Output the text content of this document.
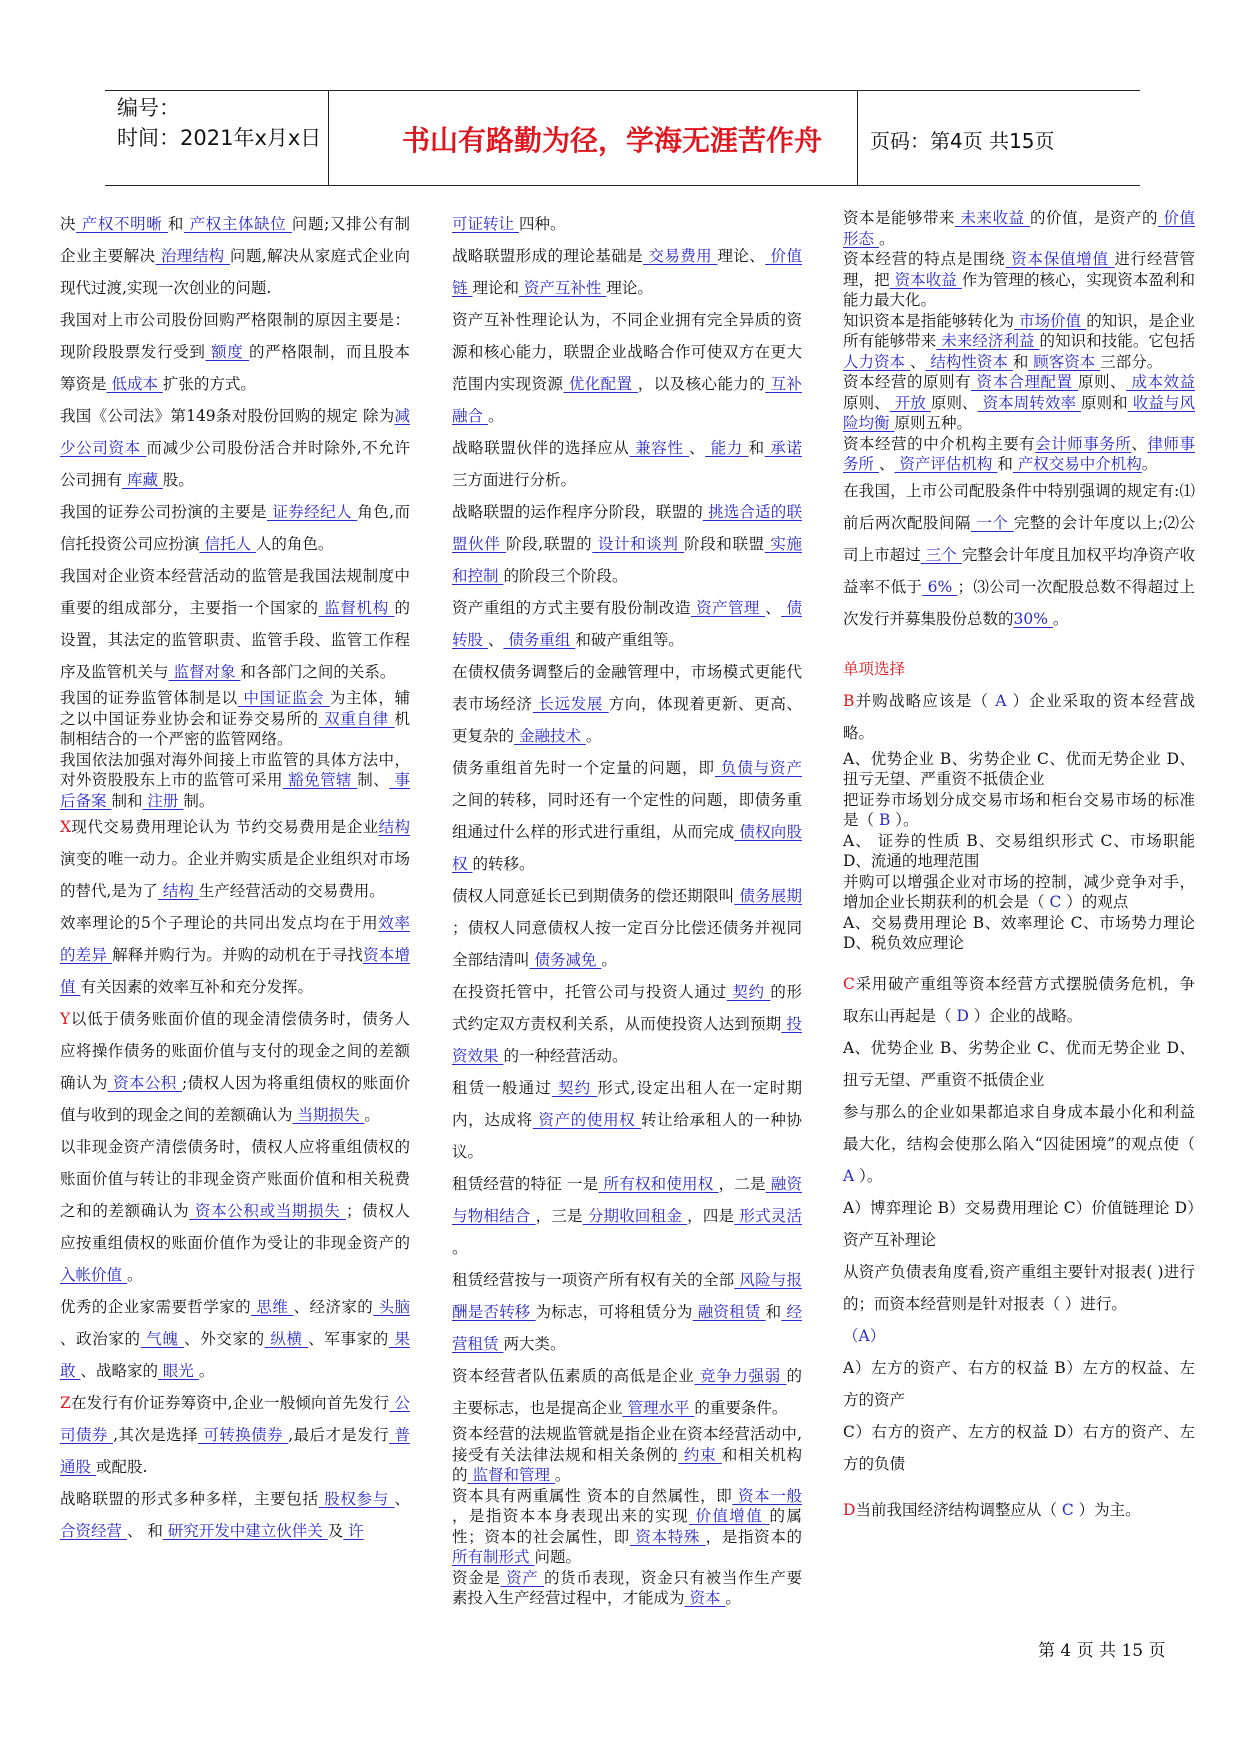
编号：
时间：2021年x月x日	书山有路勤为径，学海无涯苦作舟	页码：第4页 共15页

决 产权不明晰 和 产权主体缺位 问题;又排公有制企业主要解决 治理结构 问题,解决从家庭式企业向现代过渡,实现一次创业的问题.

我国对上市公司股份回购严格限制的原因主要是：现阶段股票发行受到 额度 的严格限制，而且股本筹资是 低成本 扩张的方式。

我国《公司法》第149条对股份回购的规定 除为减少公司资本 而减少公司股份活合并时除外,不允许公司拥有 库藏 股。

我国的证券公司扮演的主要是 证券经纪人 角色,而信托投资公司应扮演 信托人 人的角色。

我国对企业资本经营活动的监管是我国法规制度中重要的组成部分，主要指一个国家的 监督机构 的设置，其法定的监管职责、监管手段、监管工作程序及监管机关与 监督对象 和各部门之间的关系。

我国的证券监管体制是以 中国证监会 为主体，辅之以中国证券业协会和证券交易所的 双重自律 机制相结合的一个严密的监管网络。

我国依法加强对海外间接上市监管的具体方法中，对外资股股东上市的监管可采用 豁免管辖 制、 事后备案 制和 注册 制。

X现代交易费用理论认为 节约交易费用是企业结构 演变的唯一动力。企业并购实质是企业组织对市场的替代,是为了 结构 生产经营活动的交易费用。

效率理论的5个子理论的共同出发点均在于用效率的差异 解释并购行为。并购的动机在于寻找资本增值 有关因素的效率互补和充分发挥。

Y以低于债务账面价值的现金清偿债务时，债务人应将操作债务的账面价值与支付的现金之间的差额确认为 资本公积 ;债权人因为将重组债权的账面价值与收到的现金之间的差额确认为 当期损失 。

以非现金资产清偿债务时，债权人应将重组债权的账面价值与转让的非现金资产账面价值和相关税费之和的差额确认为 资本公积或当期损失 ；债权人应按重组债权的账面价值作为受让的非现金资产的 入帐价值 。

优秀的企业家需要哲学家的 思维 、经济家的 头脑 、政治家的 气魄 、外交家的 纵横 、军事家的 果敢 、战略家的 眼光 。

Z在发行有价证券筹资中,企业一般倾向首先发行 公司债券 ,其次是选择 可转换债券 ,最后才是发行 普通股 或配股.

战略联盟的形式多种多样，主要包括 股权参与 、 合资经营 、 和 研究开发中建立伙伴关 及 许

可证转让 四种。

战略联盟形成的理论基础是 交易费用 理论、 价值链 理论和 资产互补性 理论。

资产互补性理论认为，不同企业拥有完全异质的资源和核心能力，联盟企业战略合作可使双方在更大范围内实现资源 优化配置 ，以及核心能力的 互补融合 。

战略联盟伙伴的选择应从 兼容性 、 能力 和 承诺 三方面进行分析。

战略联盟的运作程序分阶段，联盟的 挑选合适的联盟伙伴 阶段,联盟的 设计和谈判 阶段和联盟 实施和控制 的阶段三个阶段。

资产重组的方式主要有股份制改造 资产管理 、 债转股 、 债务重组 和破产重组等。

在债权债务调整后的金融管理中，市场模式更能代表市场经济 长远发展 方向，体现着更新、更高、更复杂的 金融技术 。

债务重组首先时一个定量的问题，即 负债与资产 之间的转移，同时还有一个定性的问题，即债务重组通过什么样的形式进行重组，从而完成 债权向股权 的转移。

债权人同意延长已到期债务的偿还期限叫 债务展期 ；债权人同意债权人按一定百分比偿还债务并视同全部结清叫 债务减免 。

在投资托管中，托管公司与投资人通过 契约 的形式约定双方责权利关系，从而使投资人达到预期 投资效果 的一种经营活动。

租赁一般通过 契约 形式,设定出租人在一定时期内，达成将 资产的使用权 转让给承租人的一种协议。

租赁经营的特征 一是 所有权和使用权 ，二是 融资与物相结合 ，三是 分期收回租金 ，四是 形式灵活 。

租赁经营按与一项资产所有权有关的全部 风险与报酬是否转移 为标志，可将租赁分为 融资租赁 和 经营租赁 两大类。

资本经营者队伍素质的高低是企业 竞争力强弱 的主要标志，也是提高企业 管理水平 的重要条件。

资本经营的法规监管就是指企业在资本经营活动中,接受有关法律法规和相关条例的 约束 和相关机构的 监督和管理 。

资本具有两重属性 资本的自然属性，即 资本一般 ，是指资本本身表现出来的实现 价值增值 的属性；资本的社会属性，即 资本特殊 ，是指资本的 所有制形式 问题。

资金是 资产 的货币表现，资金只有被当作生产要素投入生产经营过程中，才能成为 资本 。

资本是能够带来 未来收益 的价值，是资产的 价值形态 。

资本经营的特点是围绕 资本保值增值 进行经营管理，把 资本收益 作为管理的核心，实现资本盈利和能力最大化。

知识资本是指能够转化为 市场价值 的知识，是企业所有能够带来 未来经济利益 的知识和技能。它包括 人力资本 、 结构性资本 和 顾客资本 三部分。

资本经营的原则有 资本合理配置 原则、 成本效益 原则、 开放 原则、 资本周转效率 原则和 收益与风险均衡 原则五种。

资本经营的中介机构主要有会计师事务所、律师事务所 、 资产评估机构 和 产权交易中介机构。

在我国，上市公司配股条件中特别强调的规定有:⑴前后两次配股间隔 一个 完整的会计年度以上;⑵公司上市超过 三个 完整会计年度且加权平均净资产收益率不低于 6% ；⑶公司一次配股总数不得超过上次发行并募集股份总数的30% 。

单项选择

B并购战略应该是（ A ）企业采取的资本经营战略。

A、优势企业 B、劣势企业 C、优而无势企业 D、扭亏无望、严重资不抵债企业

把证券市场划分成交易市场和柜台交易市场的标准是（ B ）。

A、 证券的性质 B、交易组织形式 C、市场职能 D、流通的地理范围

并购可以增强企业对市场的控制，减少竞争对手，增加企业长期获利的机会是（ C ）的观点

A、交易费用理论 B、效率理论 C、市场势力理论 D、税负效应理论

C采用破产重组等资本经营方式摆脱债务危机，争取东山再起是（ D ）企业的战略。

A、优势企业 B、劣势企业 C、优而无势企业 D、扭亏无望、严重资不抵债企业

参与那么的企业如果都追求自身成本最小化和利益最大化，结构会使那么陷入“囚徒困境”的观点使（ A ）。

A）博弈理论 B）交易费用理论 C）价值链理论 D）资产互补理论

从资产负债表角度看,资产重组主要针对报表( )进行的；而资本经营则是针对报表（ ）进行。

（A）

A）左方的资产、右方的权益 B）左方的权益、左方的资产

C）右方的资产、左方的权益 D）右方的资产、左方的负债

D当前我国经济结构调整应从（ C ）为主。

第 4 页 共 15 页
